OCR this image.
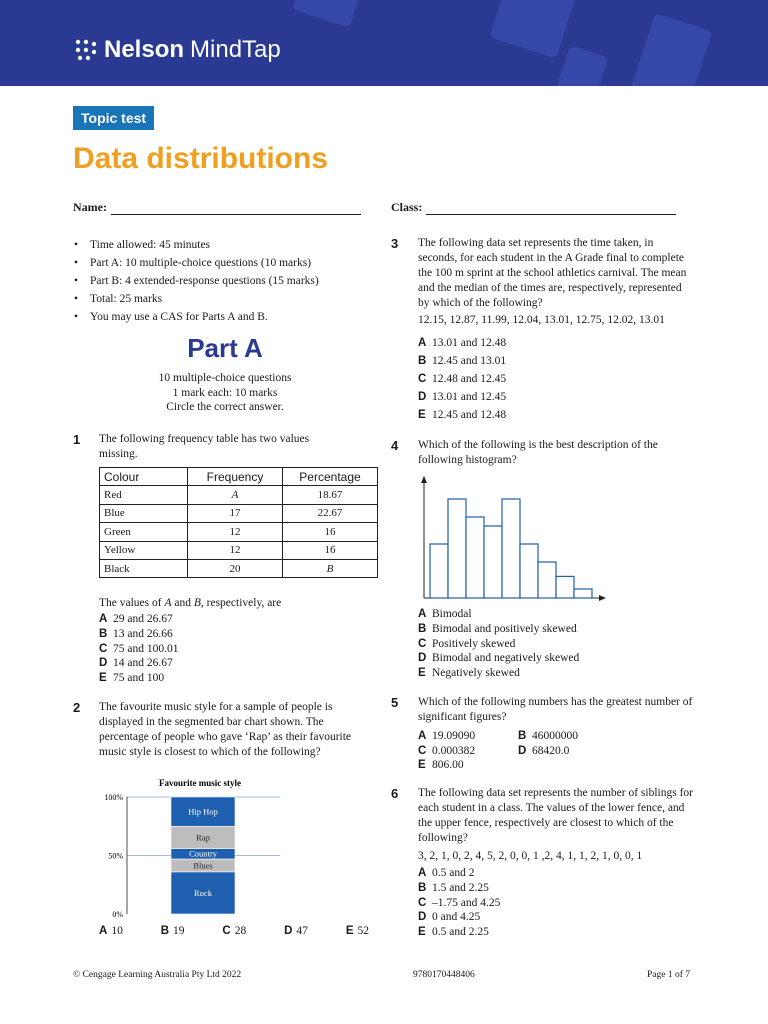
Nelson MindTap
Topic test
Data distributions
Name:	Class:
• Time allowed: 45 minutes
• Part A: 10 multiple-choice questions (10 marks)
• Part B: 4 extended-response questions (15 marks)
• Total: 25 marks
• You may use a CAS for Parts A and B.
Part A
10 multiple-choice questions
1 mark each: 10 marks
Circle the correct answer.
1 The following frequency table has two values missing.
Colour	Frequency	Percentage
Red	A	18.67
Blue	17	22.67
Green	12	16
Yellow	12	16
Black	20	B
The values of A and B, respectively, are
A 29 and 26.67
B 13 and 26.66
C 75 and 100.01
D 14 and 26.67
E 75 and 100
2 The favourite music style for a sample of people is displayed in the segmented bar chart shown. The percentage of people who gave ‘Rap’ as their favourite music style is closest to which of the following?
Favourite music style
100%
50%
0%
Rock
Blues
Country
Rap
Hip Hop
A 10	B 19	C 28	D 47	E 52
3 The following data set represents the time taken, in seconds, for each student in the A Grade final to complete the 100 m sprint at the school athletics carnival. The mean and the median of the times are, respectively, represented by which of the following?
12.15, 12.87, 11.99, 12.04, 13.01, 12.75, 12.02, 13.01
A 13.01 and 12.48
B 12.45 and 13.01
C 12.48 and 12.45
D 13.01 and 12.45
E 12.45 and 12.48
4 Which of the following is the best description of the following histogram?
A Bimodal
B Bimodal and positively skewed
C Positively skewed
D Bimodal and negatively skewed
E Negatively skewed
5 Which of the following numbers has the greatest number of significant figures?
A 19.09090	B 46000000
C 0.000382	D 68420.0
E 806.00
6 The following data set represents the number of siblings for each student in a class. The values of the lower fence, and the upper fence, respectively are closest to which of the following?
3, 2, 1, 0, 2, 4, 5, 2, 0, 0, 1 ,2, 4, 1, 1, 2, 1, 0, 0, 1
A 0.5 and 2
B 1.5 and 2.25
C –1.75 and 4.25
D 0 and 4.25
E 0.5 and 2.25
© Cengage Learning Australia Pty Ltd 2022	9780170448406	Page 1 of 7
